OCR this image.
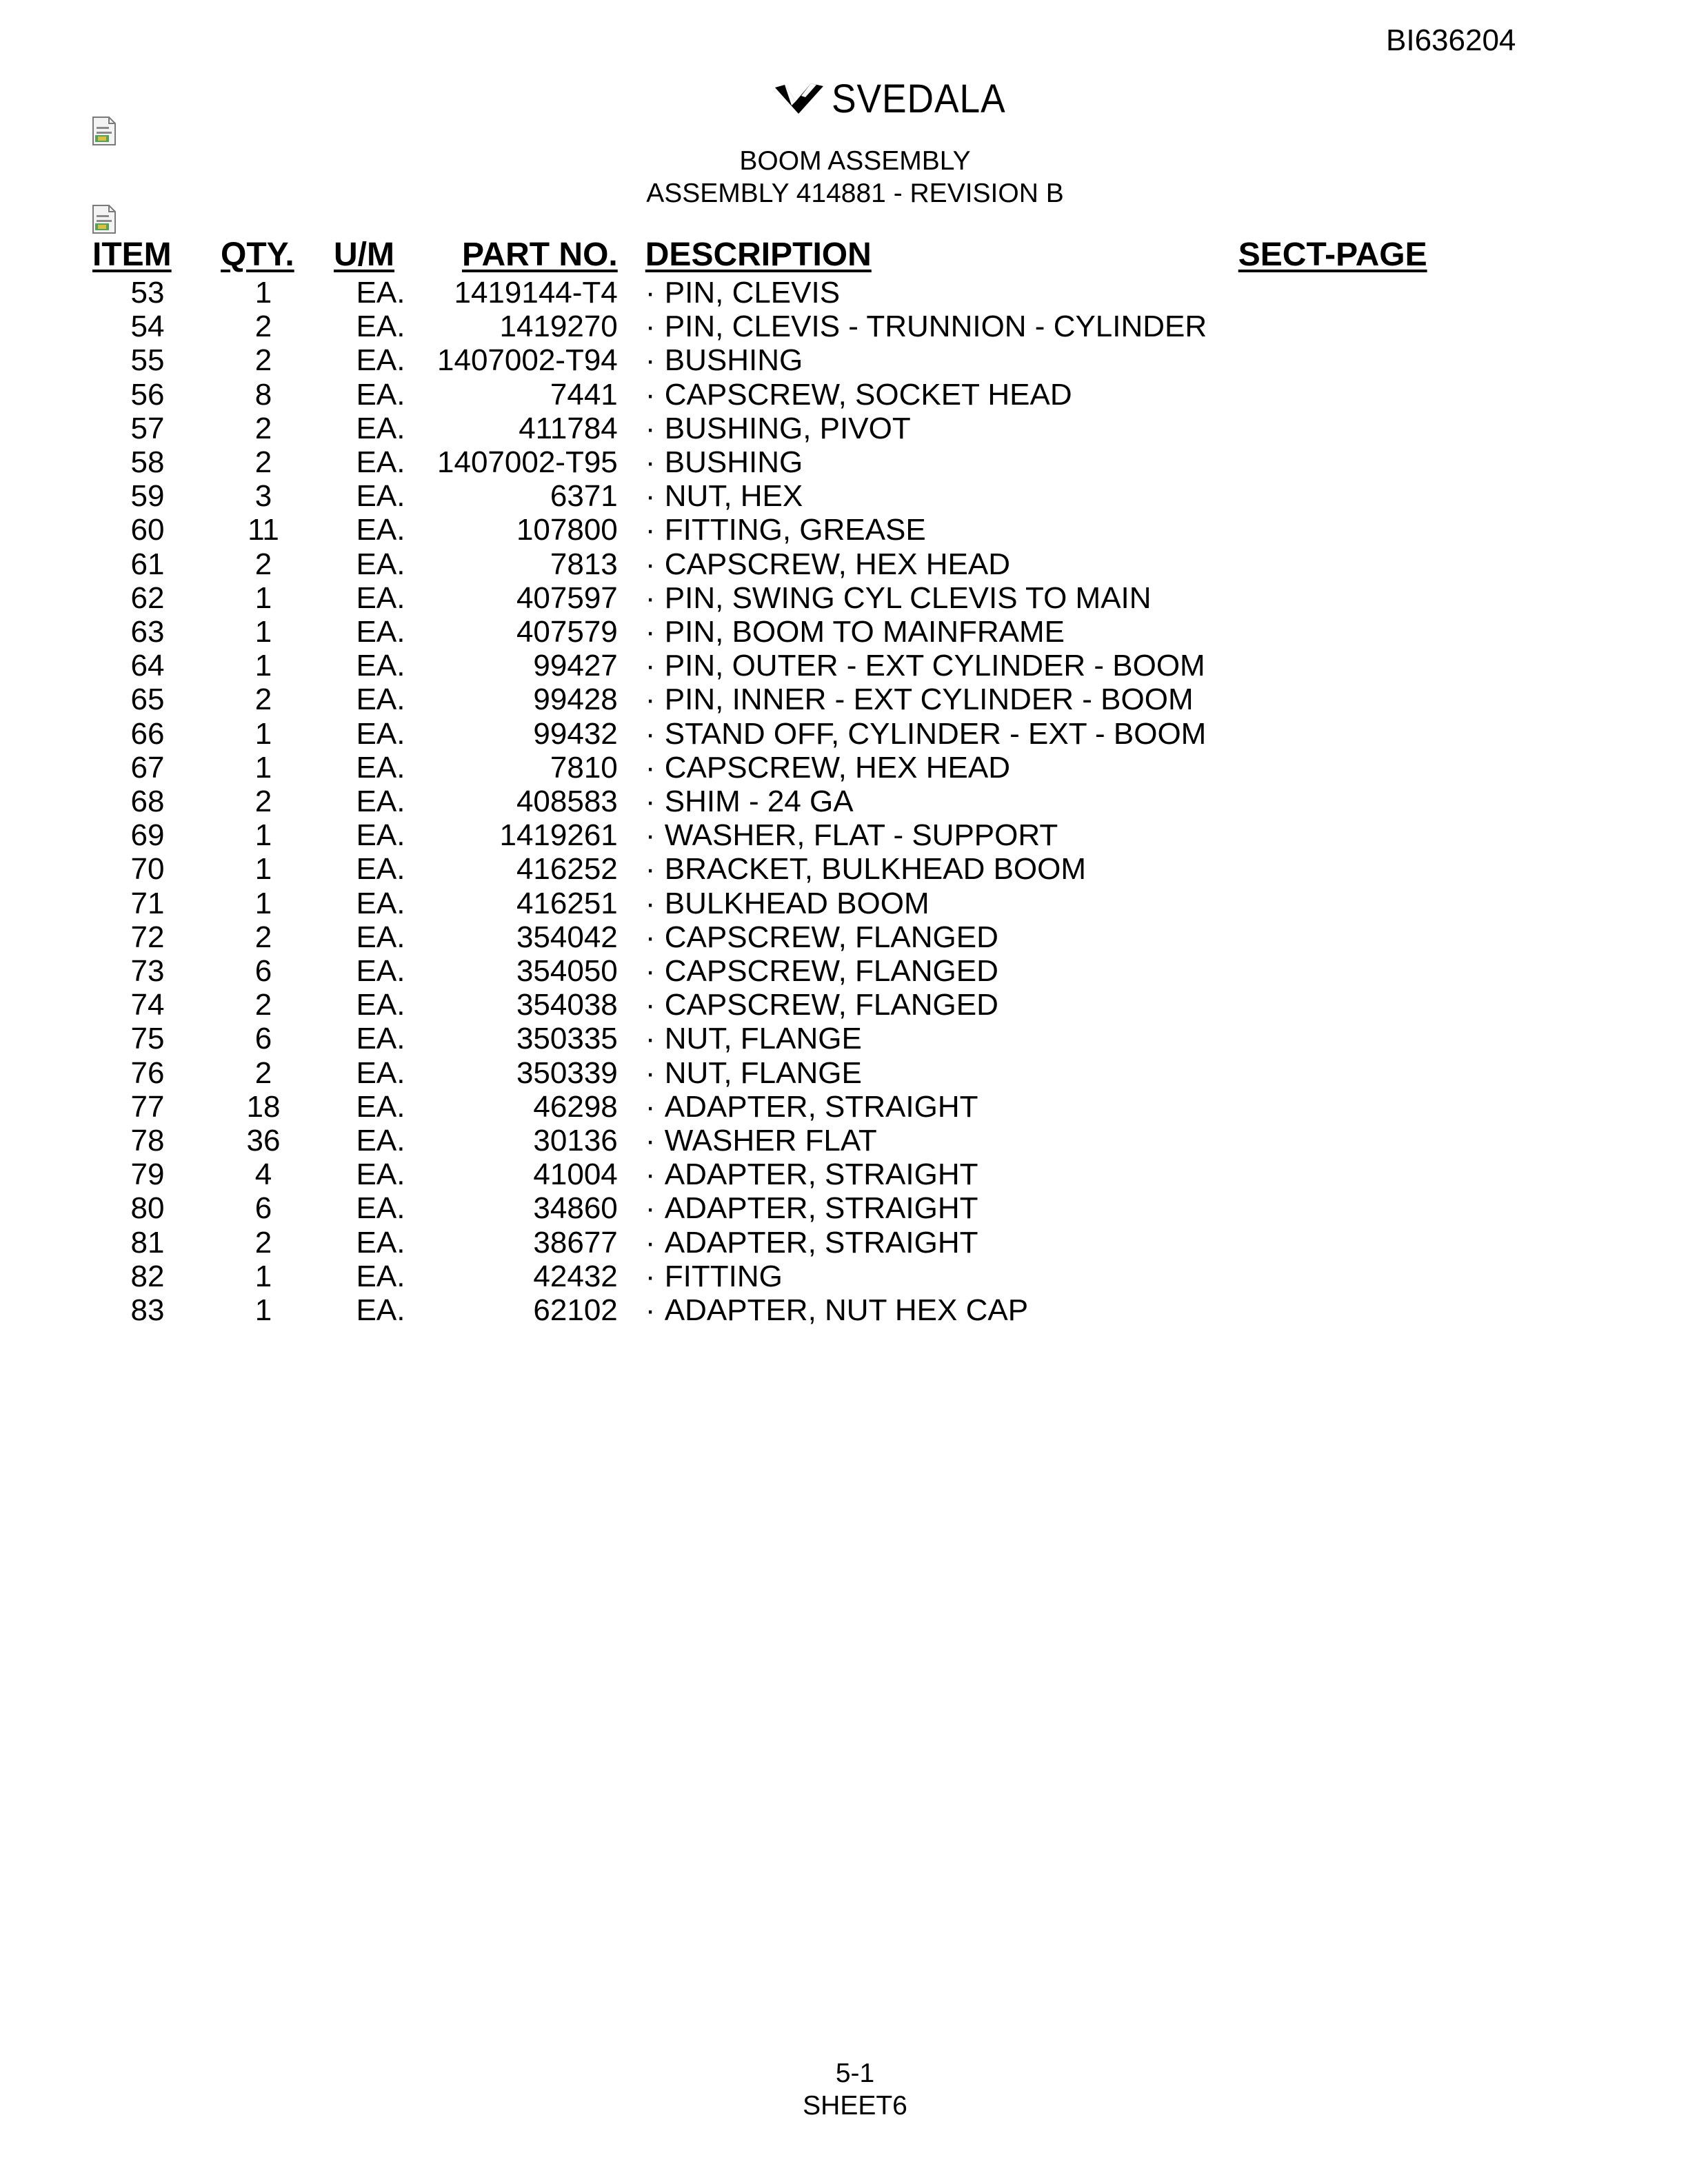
BI636204
SVEDALA
BOOM ASSEMBLY
ASSEMBLY 414881 - REVISION B
ITEM	QTY.	U/M	PART NO.	DESCRIPTION	SECT-PAGE
53	1	EA.	1419144-T4	· PIN, CLEVIS	
54	2	EA.	1419270	· PIN, CLEVIS - TRUNNION - CYLINDER	
55	2	EA.	1407002-T94	· BUSHING	
56	8	EA.	7441	· CAPSCREW, SOCKET HEAD	
57	2	EA.	411784	· BUSHING, PIVOT	
58	2	EA.	1407002-T95	· BUSHING	
59	3	EA.	6371	· NUT, HEX	
60	11	EA.	107800	· FITTING, GREASE	
61	2	EA.	7813	· CAPSCREW, HEX HEAD	
62	1	EA.	407597	· PIN, SWING CYL CLEVIS TO MAIN	
63	1	EA.	407579	· PIN, BOOM TO MAINFRAME	
64	1	EA.	99427	· PIN, OUTER - EXT CYLINDER - BOOM	
65	2	EA.	99428	· PIN, INNER - EXT CYLINDER - BOOM	
66	1	EA.	99432	· STAND OFF, CYLINDER - EXT - BOOM	
67	1	EA.	7810	· CAPSCREW, HEX HEAD	
68	2	EA.	408583	· SHIM - 24 GA	
69	1	EA.	1419261	· WASHER, FLAT - SUPPORT	
70	1	EA.	416252	· BRACKET, BULKHEAD BOOM	
71	1	EA.	416251	· BULKHEAD BOOM	
72	2	EA.	354042	· CAPSCREW, FLANGED	
73	6	EA.	354050	· CAPSCREW, FLANGED	
74	2	EA.	354038	· CAPSCREW, FLANGED	
75	6	EA.	350335	· NUT, FLANGE	
76	2	EA.	350339	· NUT, FLANGE	
77	18	EA.	46298	· ADAPTER, STRAIGHT	
78	36	EA.	30136	· WASHER FLAT	
79	4	EA.	41004	· ADAPTER, STRAIGHT	
80	6	EA.	34860	· ADAPTER, STRAIGHT	
81	2	EA.	38677	· ADAPTER, STRAIGHT	
82	1	EA.	42432	· FITTING	
83	1	EA.	62102	· ADAPTER, NUT HEX CAP	
5-1
SHEET6
